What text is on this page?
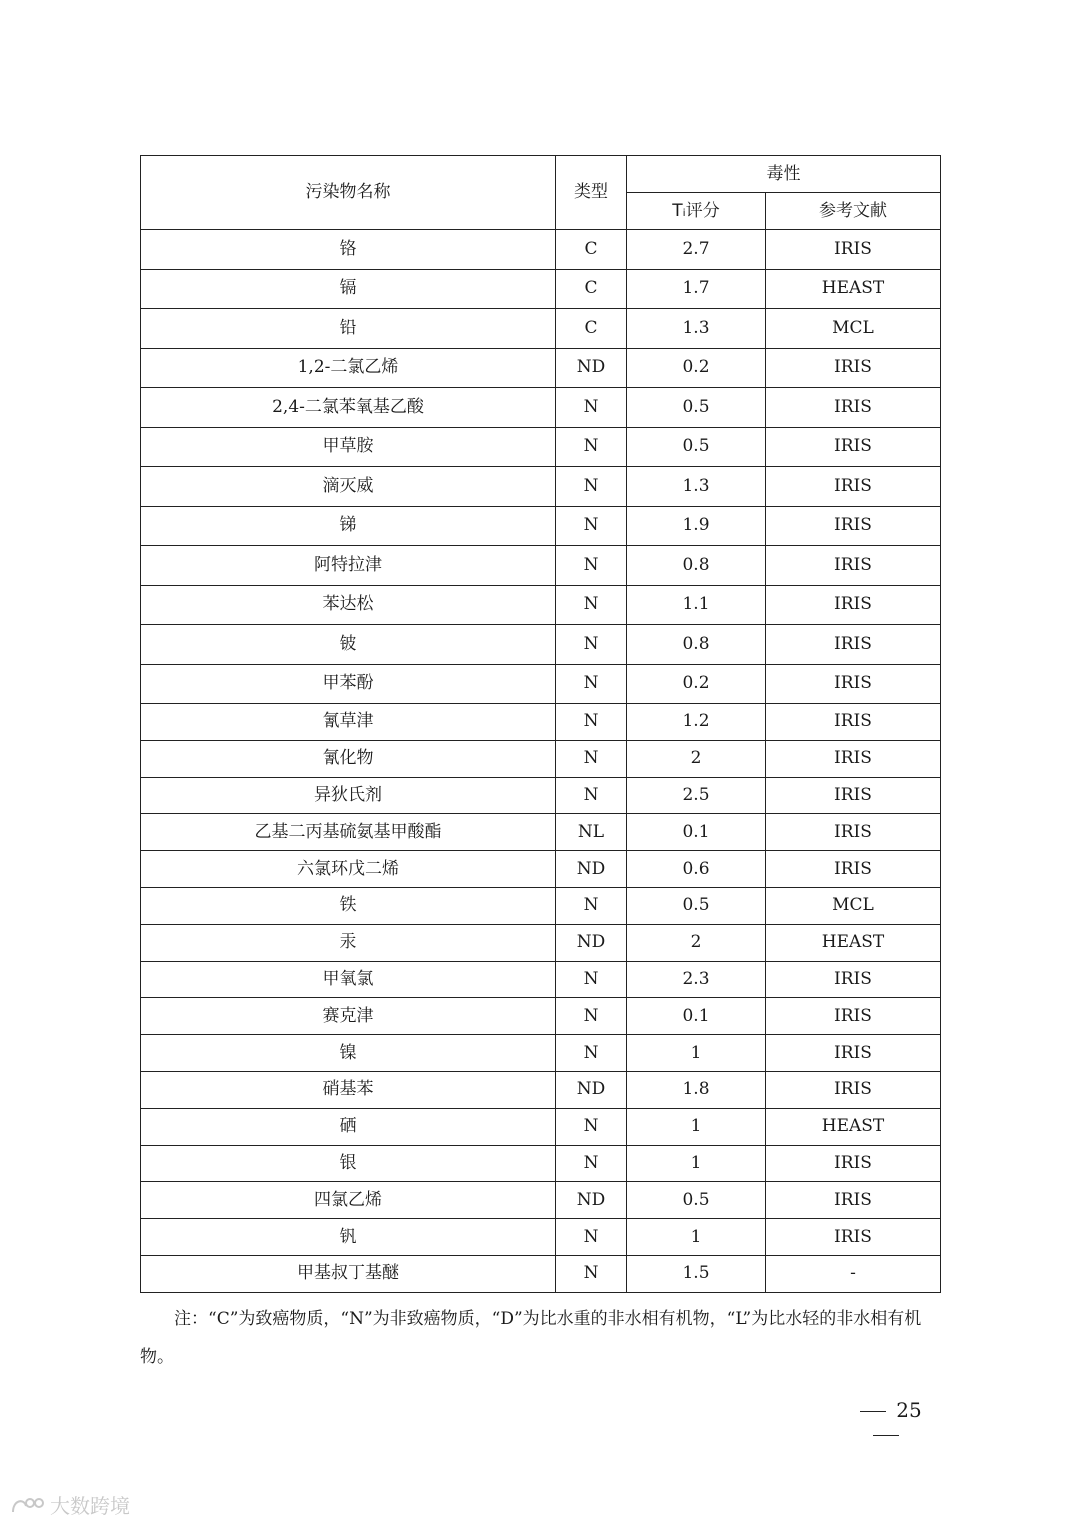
污染物名称	类型	毒性	
		Tᵢ评分	参考文献
铬	C	2.7	IRIS
镉	C	1.7	HEAST
铅	C	1.3	MCL
1,2-二氯乙烯	ND	0.2	IRIS
2,4-二氯苯氧基乙酸	N	0.5	IRIS
甲草胺	N	0.5	IRIS
滴灭威	N	1.3	IRIS
锑	N	1.9	IRIS
阿特拉津	N	0.8	IRIS
苯达松	N	1.1	IRIS
铍	N	0.8	IRIS
甲苯酚	N	0.2	IRIS
氰草津	N	1.2	IRIS
氰化物	N	2	IRIS
异狄氏剂	N	2.5	IRIS
乙基二丙基硫氨基甲酸酯	NL	0.1	IRIS
六氯环戊二烯	ND	0.6	IRIS
铁	N	0.5	MCL
汞	ND	2	HEAST
甲氧氯	N	2.3	IRIS
赛克津	N	0.1	IRIS
镍	N	1	IRIS
硝基苯	ND	1.8	IRIS
硒	N	1	HEAST
银	N	1	IRIS
四氯乙烯	ND	0.5	IRIS
钒	N	1	IRIS
甲基叔丁基醚	N	1.5	-
注：“C”为致癌物质，“N”为非致癌物质，“D”为比水重的非水相有机物，“L”为比水轻的非水相有机物。
25
大数跨境
